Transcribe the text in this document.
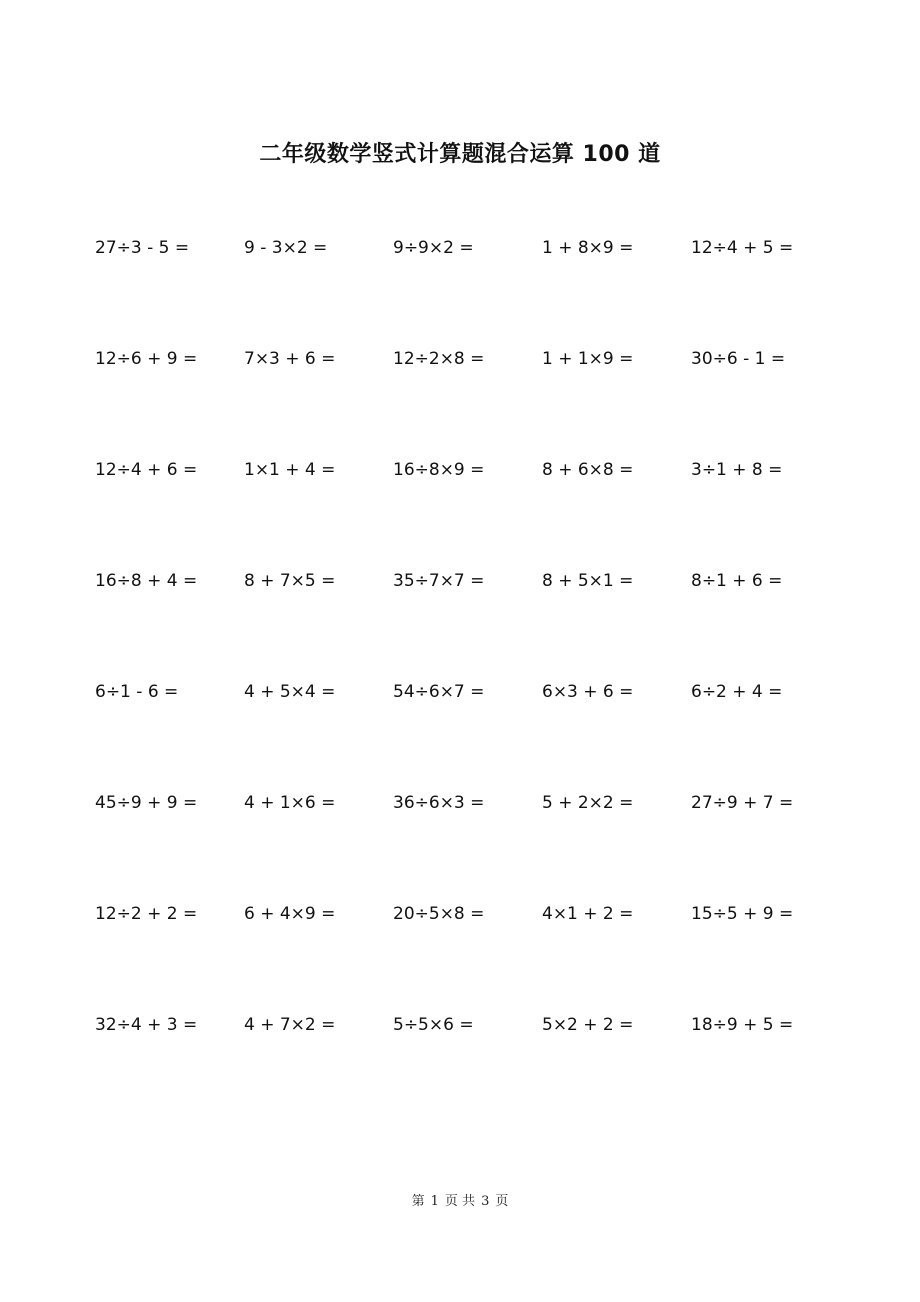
二年级数学竖式计算题混合运算 100 道
27÷3 - 5 =	9 - 3×2 =	9÷9×2 =	1 + 8×9 =	12÷4 + 5 =
12÷6 + 9 =	7×3 + 6 =	12÷2×8 =	1 + 1×9 =	30÷6 - 1 =
12÷4 + 6 =	1×1 + 4 =	16÷8×9 =	8 + 6×8 =	3÷1 + 8 =
16÷8 + 4 =	8 + 7×5 =	35÷7×7 =	8 + 5×1 =	8÷1 + 6 =
6÷1 - 6 =	4 + 5×4 =	54÷6×7 =	6×3 + 6 =	6÷2 + 4 =
45÷9 + 9 =	4 + 1×6 =	36÷6×3 =	5 + 2×2 =	27÷9 + 7 =
12÷2 + 2 =	6 + 4×9 =	20÷5×8 =	4×1 + 2 =	15÷5 + 9 =
32÷4 + 3 =	4 + 7×2 =	5÷5×6 =	5×2 + 2 =	18÷9 + 5 =
第 1 页 共 3 页
